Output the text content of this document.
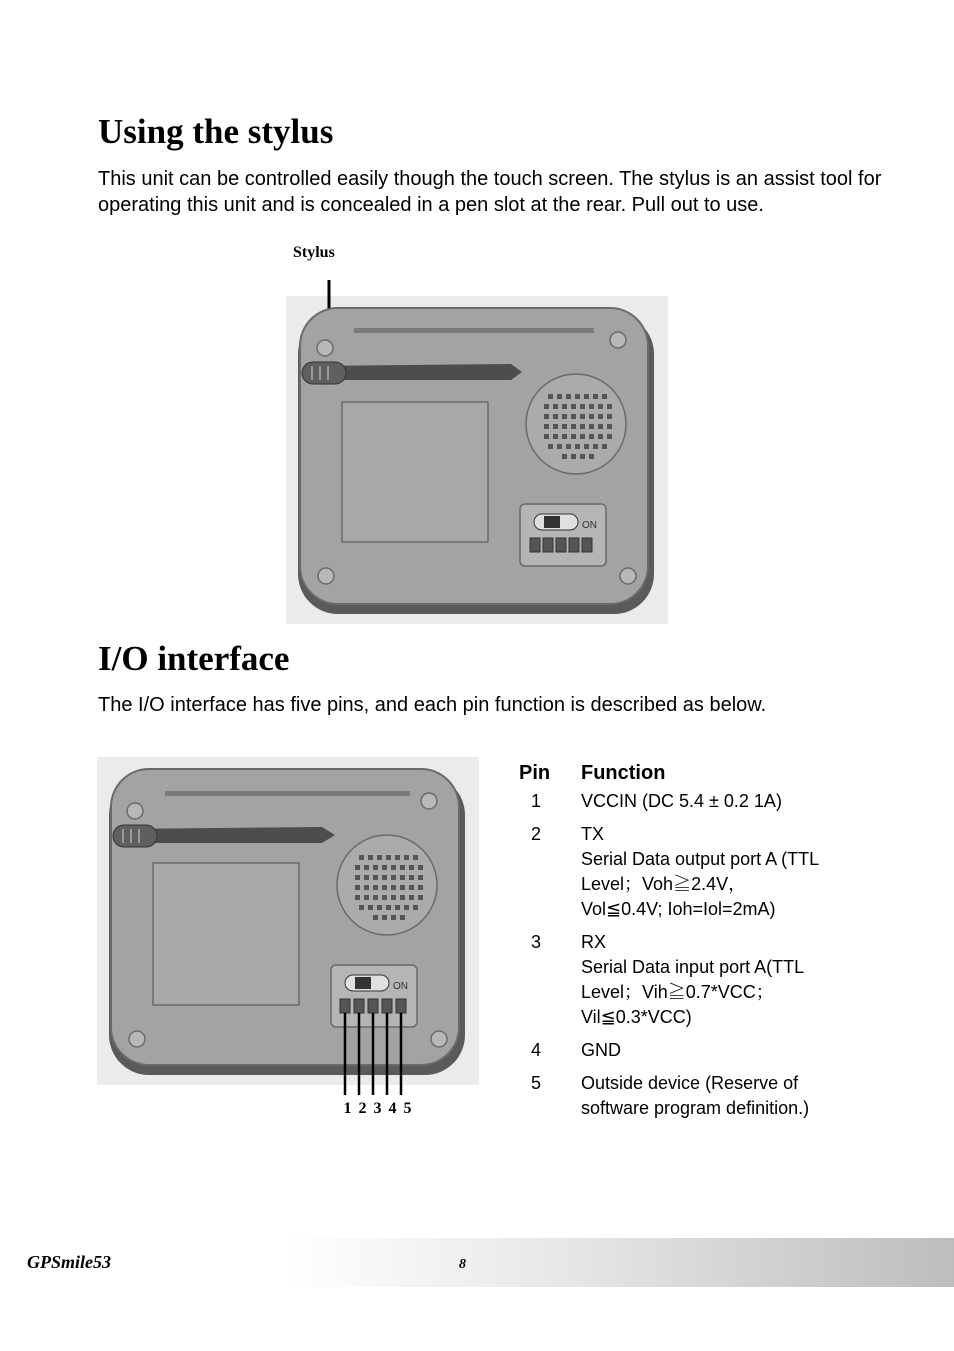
Using the stylus

This unit can be controlled easily though the touch screen. The stylus is an assist tool for operating this unit and is concealed in a pen slot at the rear. Pull out to use.

Stylus
ON
I/O interface

The I/O interface has five pins, and each pin function is described as below.

ON
1 2 3 4 5
Pin	Function
1	VCCIN (DC 5.4 ± 0.2 1A)
2	TX
Serial Data output port A (TTL
Level；Voh≧2.4V，
Vol≦0.4V; Ioh=Iol=2mA)
3	RX
Serial Data input port A(TTL
Level；Vih≧0.7*VCC；
Vil≦0.3*VCC)
4	GND
5	Outside device (Reserve of
software program definition.)
GPSmile53	8
